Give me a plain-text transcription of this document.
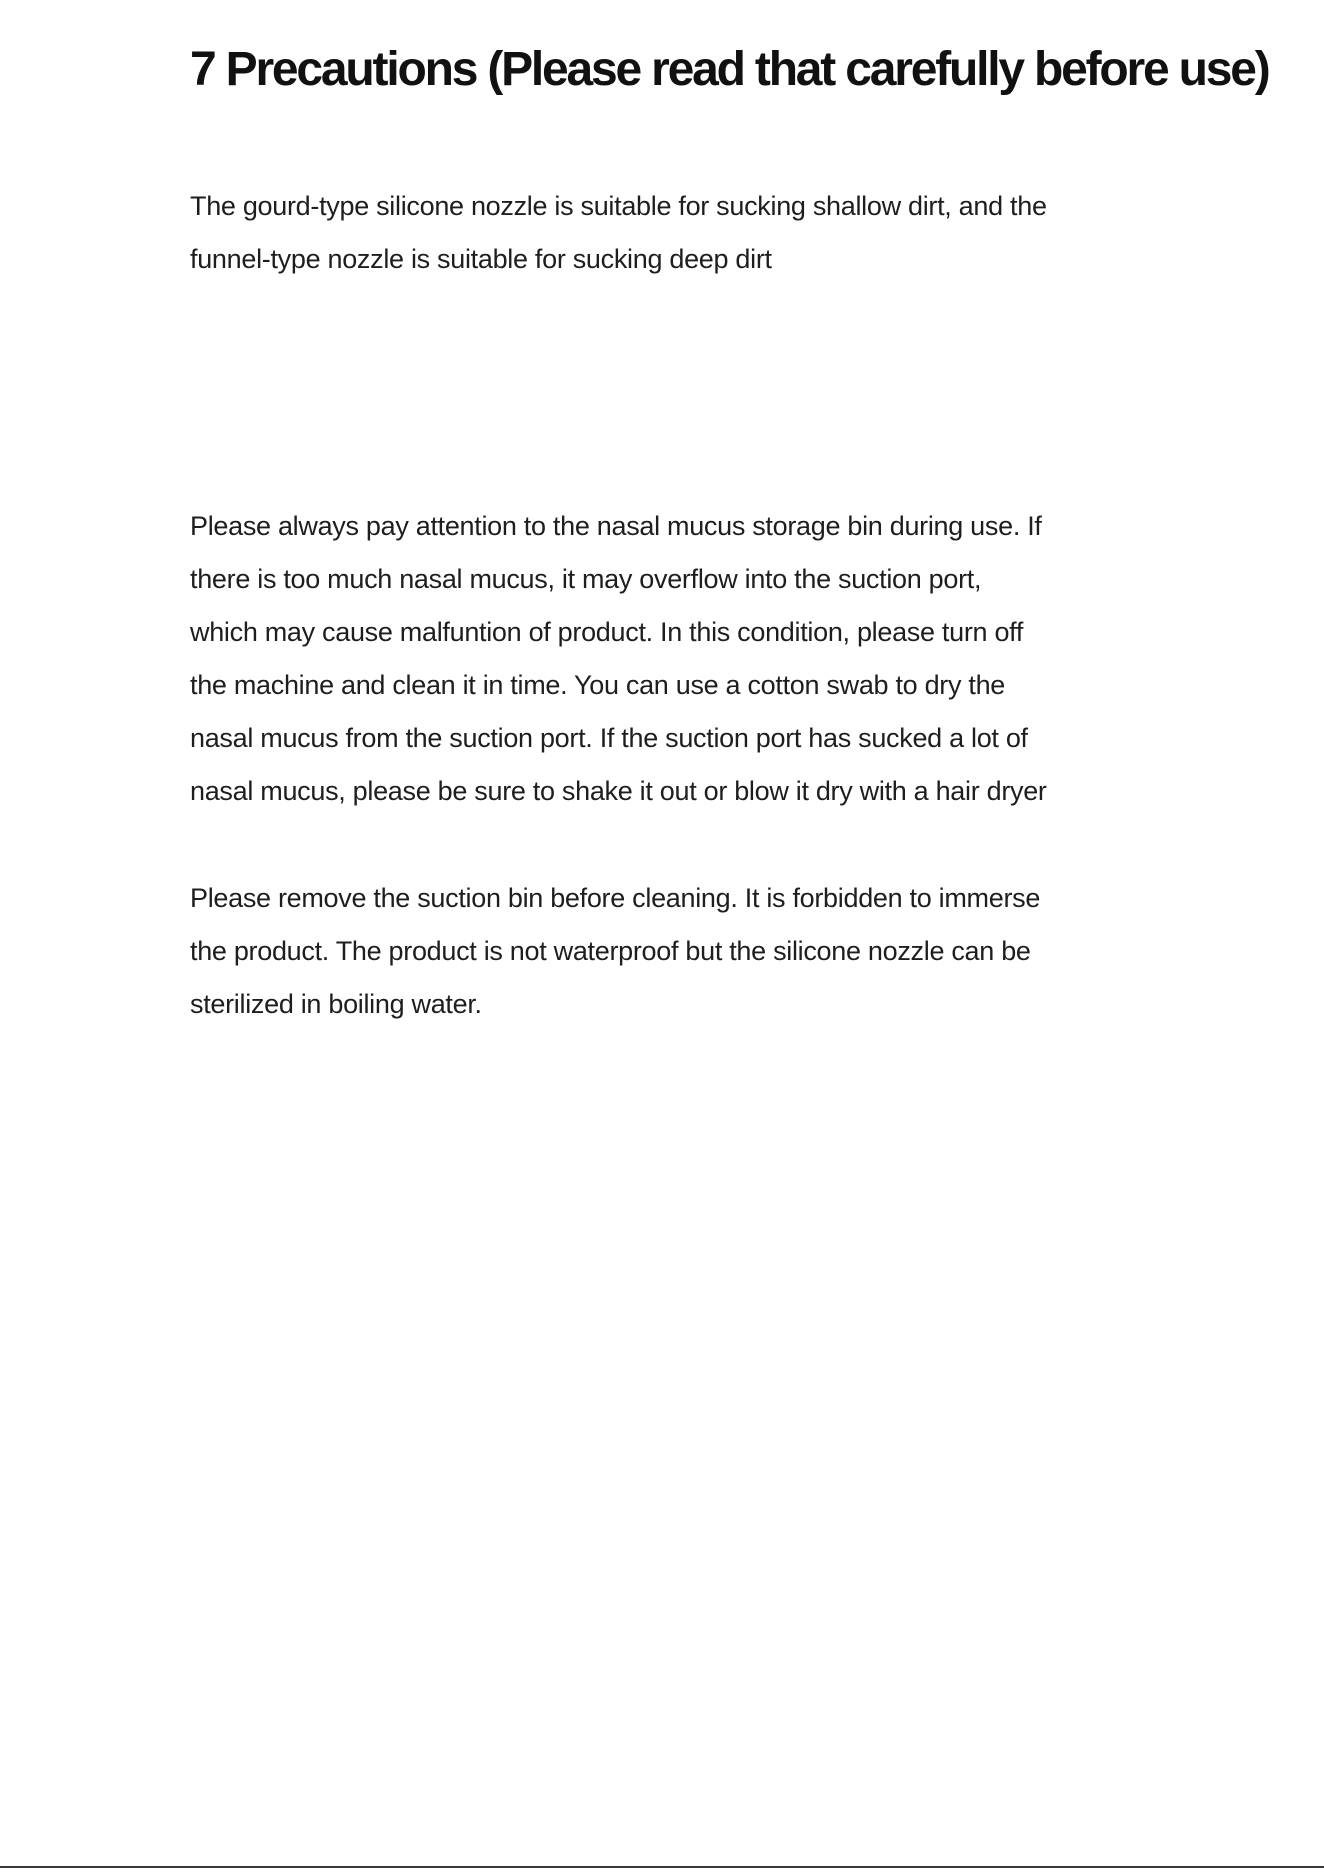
7 Precautions (Please read that carefully before use)

The gourd-type silicone nozzle is suitable for sucking shallow dirt, and the
funnel-type nozzle is suitable for sucking deep dirt

Please always pay attention to the nasal mucus storage bin during use. If
there is too much nasal mucus, it may overflow into the suction port,
which may cause malfuntion of product. In this condition, please turn off
the machine and clean it in time. You can use a cotton swab to dry the
nasal mucus from the suction port. If the suction port has sucked a lot of
nasal mucus, please be sure to shake it out or blow it dry with a hair dryer

Please remove the suction bin before cleaning. It is forbidden to immerse
the product. The product is not waterproof but the silicone nozzle can be
sterilized in boiling water.
